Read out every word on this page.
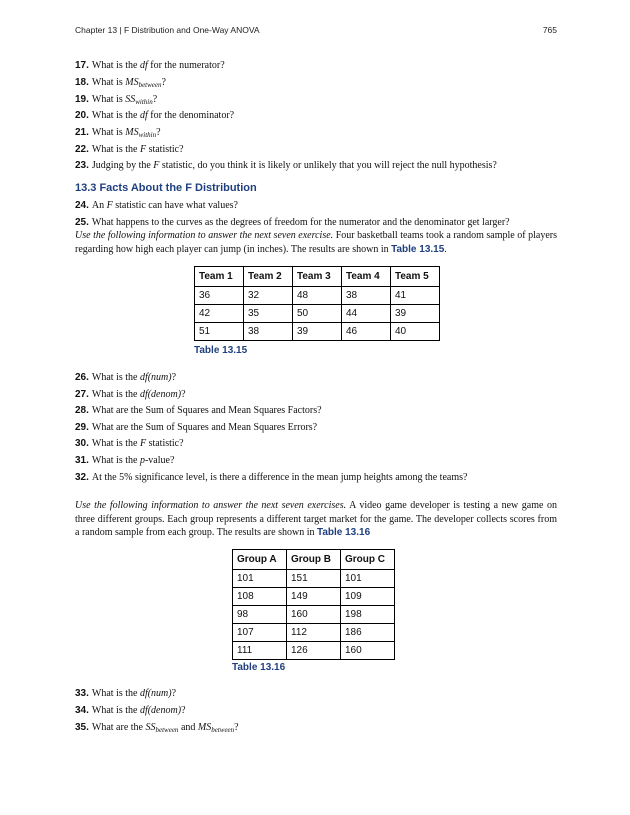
Chapter 13 | F Distribution and One-Way ANOVA	765
17. What is the df for the numerator?
18. What is $MS_{between}$?
19. What is $SS_{within}$?
20. What is the df for the denominator?
21. What is $MS_{within}$?
22. What is the F statistic?
23. Judging by the F statistic, do you think it is likely or unlikely that you will reject the null hypothesis?
13.3 Facts About the F Distribution
24. An F statistic can have what values?
25. What happens to the curves as the degrees of freedom for the numerator and the denominator get larger?
Use the following information to answer the next seven exercise. Four basketball teams took a random sample of players regarding how high each player can jump (in inches). The results are shown in Table 13.15.
Team 1	Team 2	Team 3	Team 4	Team 5
36	32	48	38	41
42	35	50	44	39
51	38	39	46	40
Table 13.15
26. What is the df(num)?
27. What is the df(denom)?
28. What are the Sum of Squares and Mean Squares Factors?
29. What are the Sum of Squares and Mean Squares Errors?
30. What is the F statistic?
31. What is the p-value?
32. At the 5% significance level, is there a difference in the mean jump heights among the teams?
Use the following information to answer the next seven exercises. A video game developer is testing a new game on three different groups. Each group represents a different target market for the game. The developer collects scores from a random sample from each group. The results are shown in Table 13.16
Group A	Group B	Group C
101	151	101
108	149	109
98	160	198
107	112	186
111	126	160
Table 13.16
33. What is the df(num)?
34. What is the df(denom)?
35. What are the $SS_{between}$ and $MS_{between}$?
